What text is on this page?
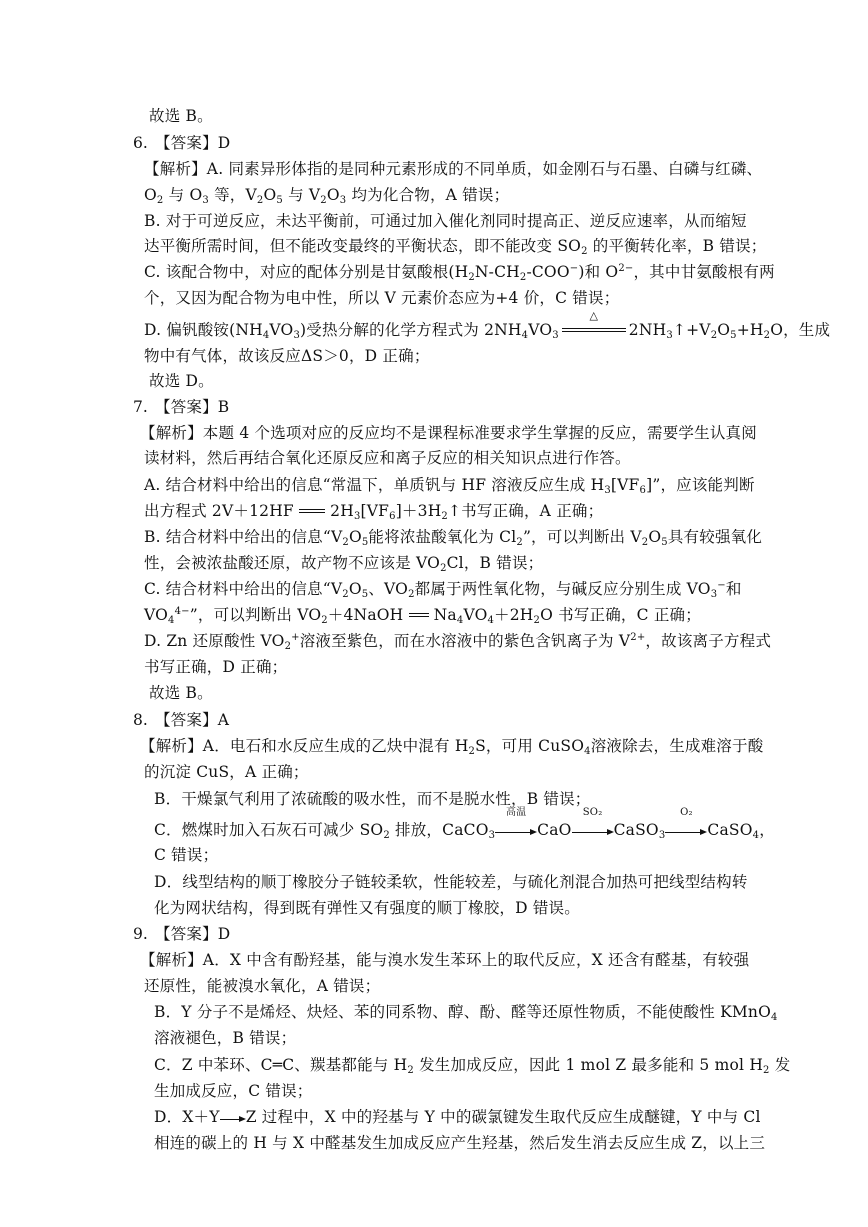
故选 B。
6. 【答案】D
【解析】A. 同素异形体指的是同种元素形成的不同单质，如金刚石与石墨、白磷与红磷、
$O_2$ 与 $O_3$ 等，$V_2O_5$ 与 $V_2O_3$ 均为化合物，A 错误；
B. 对于可逆反应，未达平衡前，可通过加入催化剂同时提高正、逆反应速率，从而缩短
达平衡所需时间，但不能改变最终的平衡状态，即不能改变 $SO_2$ 的平衡转化率，B 错误；
C. 该配合物中，对应的配体分别是甘氨酸根$(H_2N-CH_2-COO^-)$和 $O^{2-}$，其中甘氨酸根有两
个，又因为配合物为电中性，所以 V 元素价态应为+4 价，C 错误；
D. 偏钒酸铵$(NH_4VO_3)$受热分解的化学方程式为 $2NH_4VO_3$
△
$2NH_3↑+V_2O_5+H_2O$，生成
物中有气体，故该反应ΔS＞0，D 正确；
故选 D。
7. 【答案】B
【解析】本题 4 个选项对应的反应均不是课程标准要求学生掌握的反应，需要学生认真阅
读材料，然后再结合氧化还原反应和离子反应的相关知识点进行作答。
A. 结合材料中给出的信息“常温下，单质钒与 HF 溶液反应生成 $H_3[VF_6]$”，应该能判断
出方程式 2V＋12HF $2H_3[VF_6]+3H_2↑$书写正确，A 正确；
B. 结合材料中给出的信息“$V_2O_5$能将浓盐酸氧化为 $Cl_2$”，可以判断出 $V_2O_5$具有较强氧化
性，会被浓盐酸还原，故产物不应该是 $VO_2Cl$，B 错误；
C. 结合材料中给出的信息“$V_2O_5$、$VO_2$都属于两性氧化物，与碱反应分别生成 $VO_3^-$和
$VO_4^{4-}$”，可以判断出 $VO_2+4NaOH$ $Na_4VO_4+2H_2O$ 书写正确，C 正确；
D. Zn 还原酸性 $VO_2^+$溶液至紫色，而在水溶液中的紫色含钒离子为 $V^{2+}$，故该离子方程式
书写正确，D 正确；
故选 B。
8. 【答案】A
【解析】A．电石和水反应生成的乙炔中混有 $H_2S$，可用 CuSO$_4$溶液除去，生成难溶于酸
的沉淀 CuS，A 正确；
B．干燥氯气利用了浓硫酸的吸水性，而不是脱水性，B 错误；
C．燃煤时加入石灰石可减少 $SO_2$ 排放，CaCO$_3$
高温
CaO
SO₂
CaSO$_3$
O₂
CaSO$_4$，
C 错误；
D．线型结构的顺丁橡胶分子链较柔软，性能较差，与硫化剂混合加热可把线型结构转
化为网状结构，得到既有弹性又有强度的顺丁橡胶，D 错误。
9. 【答案】D
【解析】A．X 中含有酚羟基，能与溴水发生苯环上的取代反应，X 还含有醛基，有较强
还原性，能被溴水氧化，A 错误；
B．Y 分子不是烯烃、炔烃、苯的同系物、醇、酚、醛等还原性物质，不能使酸性 KMnO$_4$
溶液褪色，B 错误；
C．Z 中苯环、C═C、羰基都能与 $H_2$ 发生加成反应，因此 1 mol Z 最多能和 5 mol $H_2$ 发
生加成反应，C 错误；
D．X＋Y Z 过程中，X 中的羟基与 Y 中的碳氯键发生取代反应生成醚键，Y 中与 Cl
相连的碳上的 H 与 X 中醛基发生加成反应产生羟基，然后发生消去反应生成 Z，以上三
